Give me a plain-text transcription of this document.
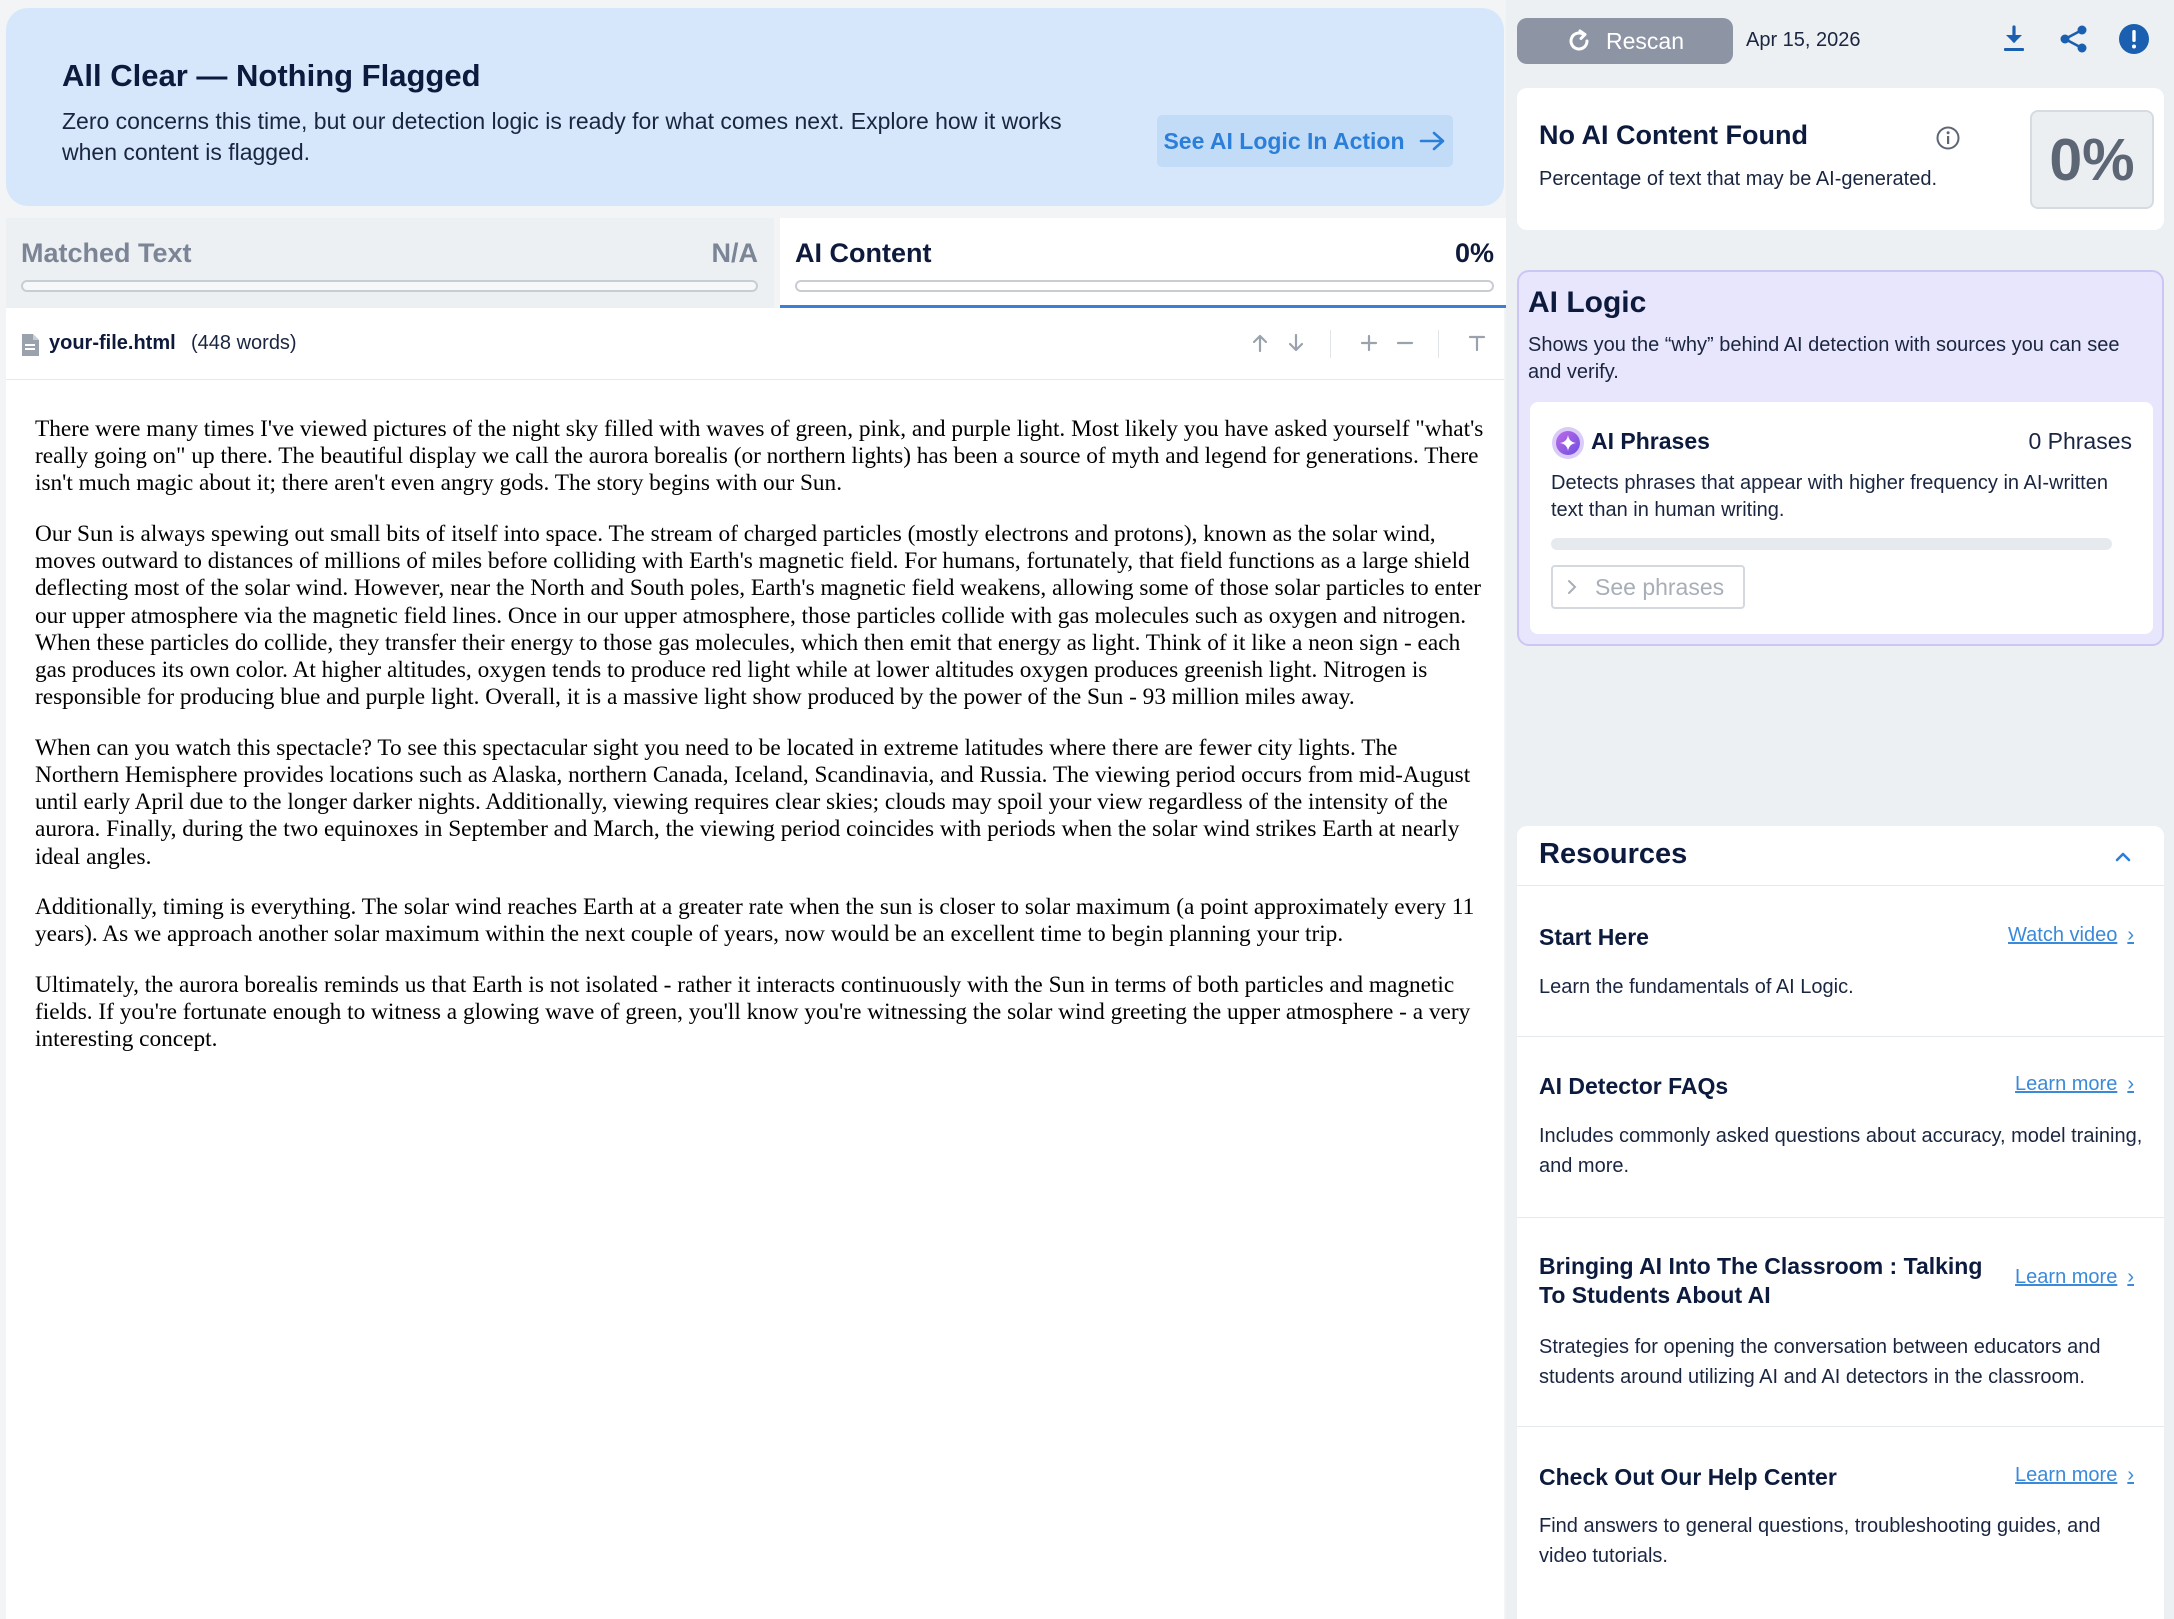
All Clear — Nothing Flagged
Zero concerns this time, but our detection logic is ready for what comes next. Explore how it works when content is flagged.	See AI Logic In Action
Matched Text	N/A AI Content	0%
your-file.html (448 words)

There were many times I've viewed pictures of the night sky filled with waves of green, pink, and purple light. Most likely you have asked yourself "what's really going on" up there. The beautiful display we call the aurora borealis (or northern lights) has been a source of myth and legend for generations. There isn't much magic about it; there aren't even angry gods. The story begins with our Sun.

Our Sun is always spewing out small bits of itself into space. The stream of charged particles (mostly electrons and protons), known as the solar wind, moves outward to distances of millions of miles before colliding with Earth's magnetic field. For humans, fortunately, that field functions as a large shield deflecting most of the solar wind. However, near the North and South poles, Earth's magnetic field weakens, allowing some of those solar particles to enter our upper atmosphere via the magnetic field lines. Once in our upper atmosphere, those particles collide with gas molecules such as oxygen and nitrogen. When these particles do collide, they transfer their energy to those gas molecules, which then emit that energy as light. Think of it like a neon sign - each gas produces its own color. At higher altitudes, oxygen tends to produce red light while at lower altitudes oxygen produces greenish light. Nitrogen is responsible for producing blue and purple light. Overall, it is a massive light show produced by the power of the Sun - 93 million miles away.

When can you watch this spectacle? To see this spectacular sight you need to be located in extreme latitudes where there are fewer city lights. The Northern Hemisphere provides locations such as Alaska, northern Canada, Iceland, Scandinavia, and Russia. The viewing period occurs from mid-August until early April due to the longer darker nights. Additionally, viewing requires clear skies; clouds may spoil your view regardless of the intensity of the aurora. Finally, during the two equinoxes in September and March, the viewing period coincides with periods when the solar wind strikes Earth at nearly ideal angles.

Additionally, timing is everything. The solar wind reaches Earth at a greater rate when the sun is closer to solar maximum (a point approximately every 11 years). As we approach another solar maximum within the next couple of years, now would be an excellent time to begin planning your trip.

Ultimately, the aurora borealis reminds us that Earth is not isolated - rather it interacts continuously with the Sun in terms of both particles and magnetic fields. If you're fortunate enough to witness a glowing wave of green, you'll know you're witnessing the solar wind greeting the upper atmosphere - a very interesting concept.

Rescan	Apr 15, 2026
No AI Content Found
Percentage of text that may be AI-generated.	0%
AI Logic
Shows you the “why” behind AI detection with sources you can see and verify.
AI Phrases	0 Phrases
Detects phrases that appear with higher frequency in AI-written text than in human writing.
See phrases
Resources
Start Here	Watch video ›
Learn the fundamentals of AI Logic.
AI Detector FAQs	Learn more ›
Includes commonly asked questions about accuracy, model training, and more.
Bringing AI Into The Classroom : Talking To Students About AI
Learn more ›
Strategies for opening the conversation between educators and students around utilizing AI and AI detectors in the classroom.
Check Out Our Help Center	Learn more ›
Find answers to general questions, troubleshooting guides, and video tutorials.
